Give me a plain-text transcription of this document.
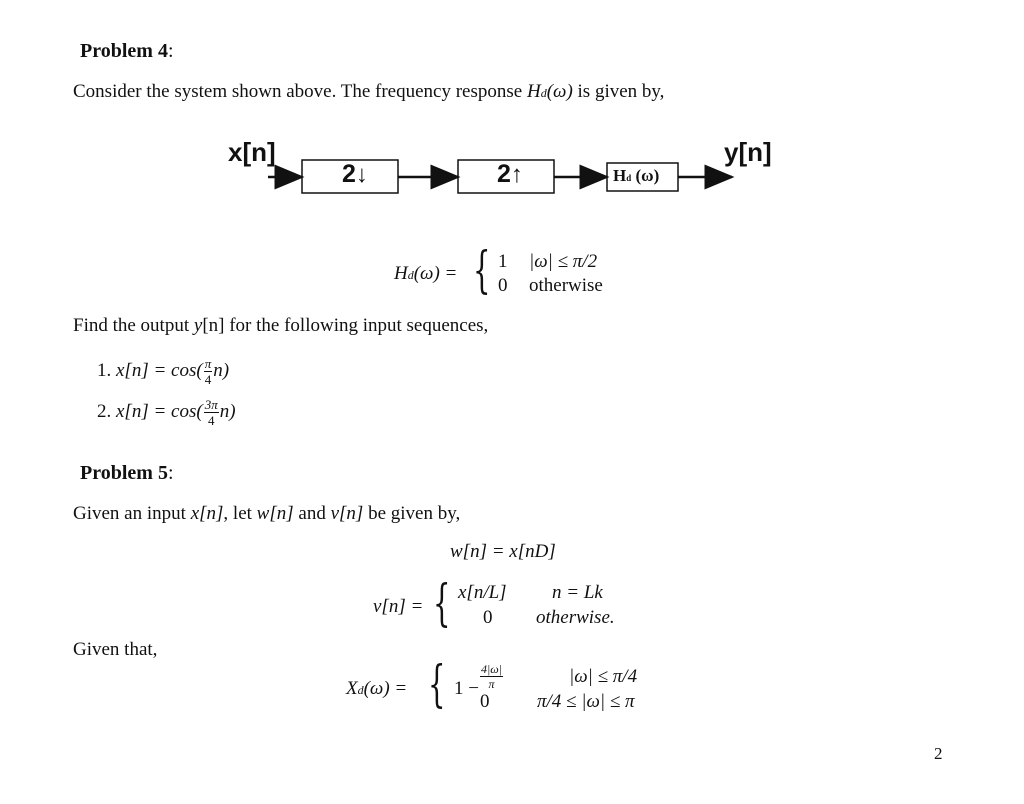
Problem 4:
Consider the system shown above. The frequency response Hd(ω) is given by,
x[n]	y[n]
2↓	2↑	Hd (ω)
Hd(ω) = { 1 |ω| ≤ π/2
0 otherwise
Find the output y[n] for the following input sequences,
1. $x[n] = \cos( \frac{\pi}{4} n)$
2. $x[n] = \cos( \frac{3\pi}{4} n)$
Problem 5:
Given an input x[n], let w[n] and v[n] be given by,
w[n] = x[nD]
v[n] = { x[n/L] n = Lk
0 otherwise.
Given that,
Xd(ω) = { $1 - \frac{4|\omega|}{\pi}$	|ω| ≤ π/4
0	π/4 ≤ |ω| ≤ π
2
